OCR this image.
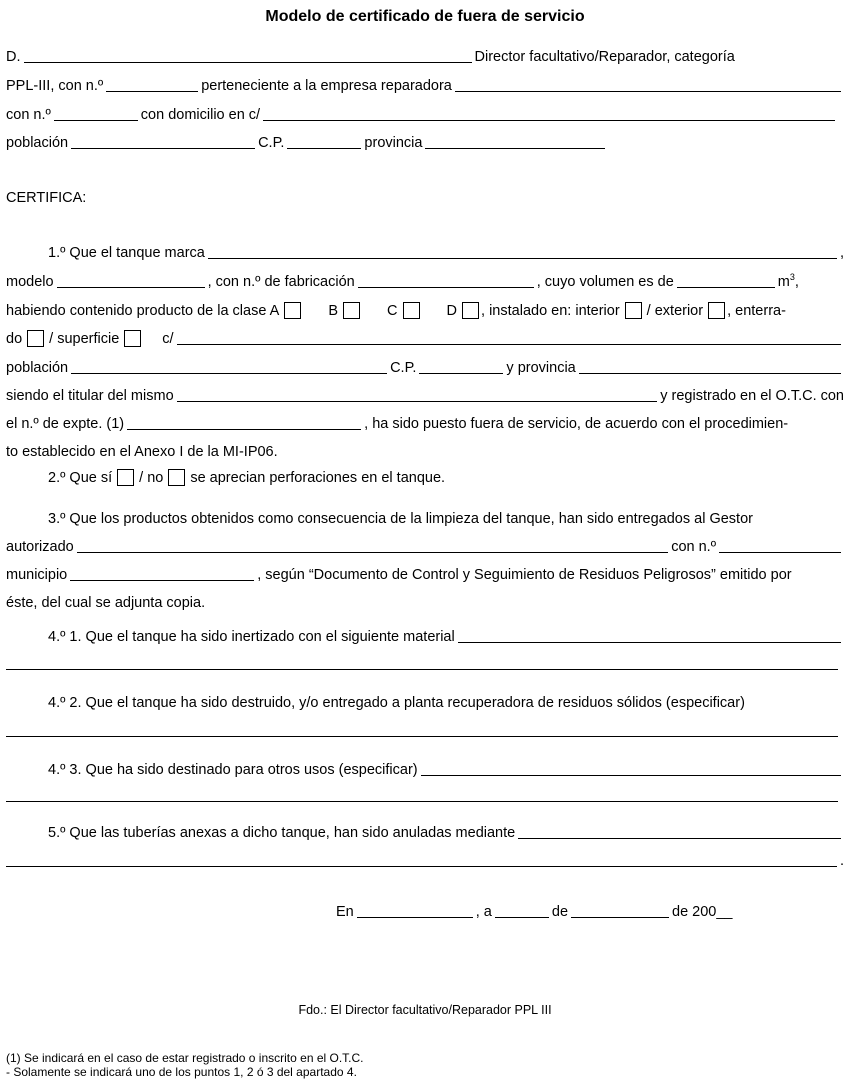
Modelo de certificado de fuera de servicio
D.	Director facultativo/Reparador, categoría
PPL-III, con n.º	perteneciente a la empresa reparadora
con n.º	con domicilio en c/
población	C.P.	provincia
CERTIFICA:
1.º Que el tanque marca	,
modelo	, con n.º de fabricación	, cuyo volumen es de	$m^3$,
habiendo contenido producto de la clase A	B	C	D , instalado en: interior / exterior , enterra-
do / superficie	c/
población	C.P.	y provincia
siendo el titular del mismo	y registrado en el O.T.C. con
el n.º de expte. (1)	, ha sido puesto fuera de servicio, de acuerdo con el procedimien-
to establecido en el Anexo I de la MI-IP06.
2.º Que sí / no se aprecian perforaciones en el tanque.
3.º Que los productos obtenidos como consecuencia de la limpieza del tanque, han sido entregados al Gestor
autorizado	con n.º
municipio	, según “Documento de Control y Seguimiento de Residuos Peligrosos” emitido por
éste, del cual se adjunta copia.
4.º 1. Que el tanque ha sido inertizado con el siguiente material
4.º 2. Que el tanque ha sido destruido, y/o entregado a planta recuperadora de residuos sólidos (especificar)
4.º 3. Que ha sido destinado para otros usos (especificar)
5.º Que las tuberías anexas a dicho tanque, han sido anuladas mediante
.
En	, a	de	de 200__
Fdo.: El Director facultativo/Reparador PPL III
(1) Se indicará en el caso de estar registrado o inscrito en el O.T.C.
- Solamente se indicará uno de los puntos 1, 2 ó 3 del apartado 4.
